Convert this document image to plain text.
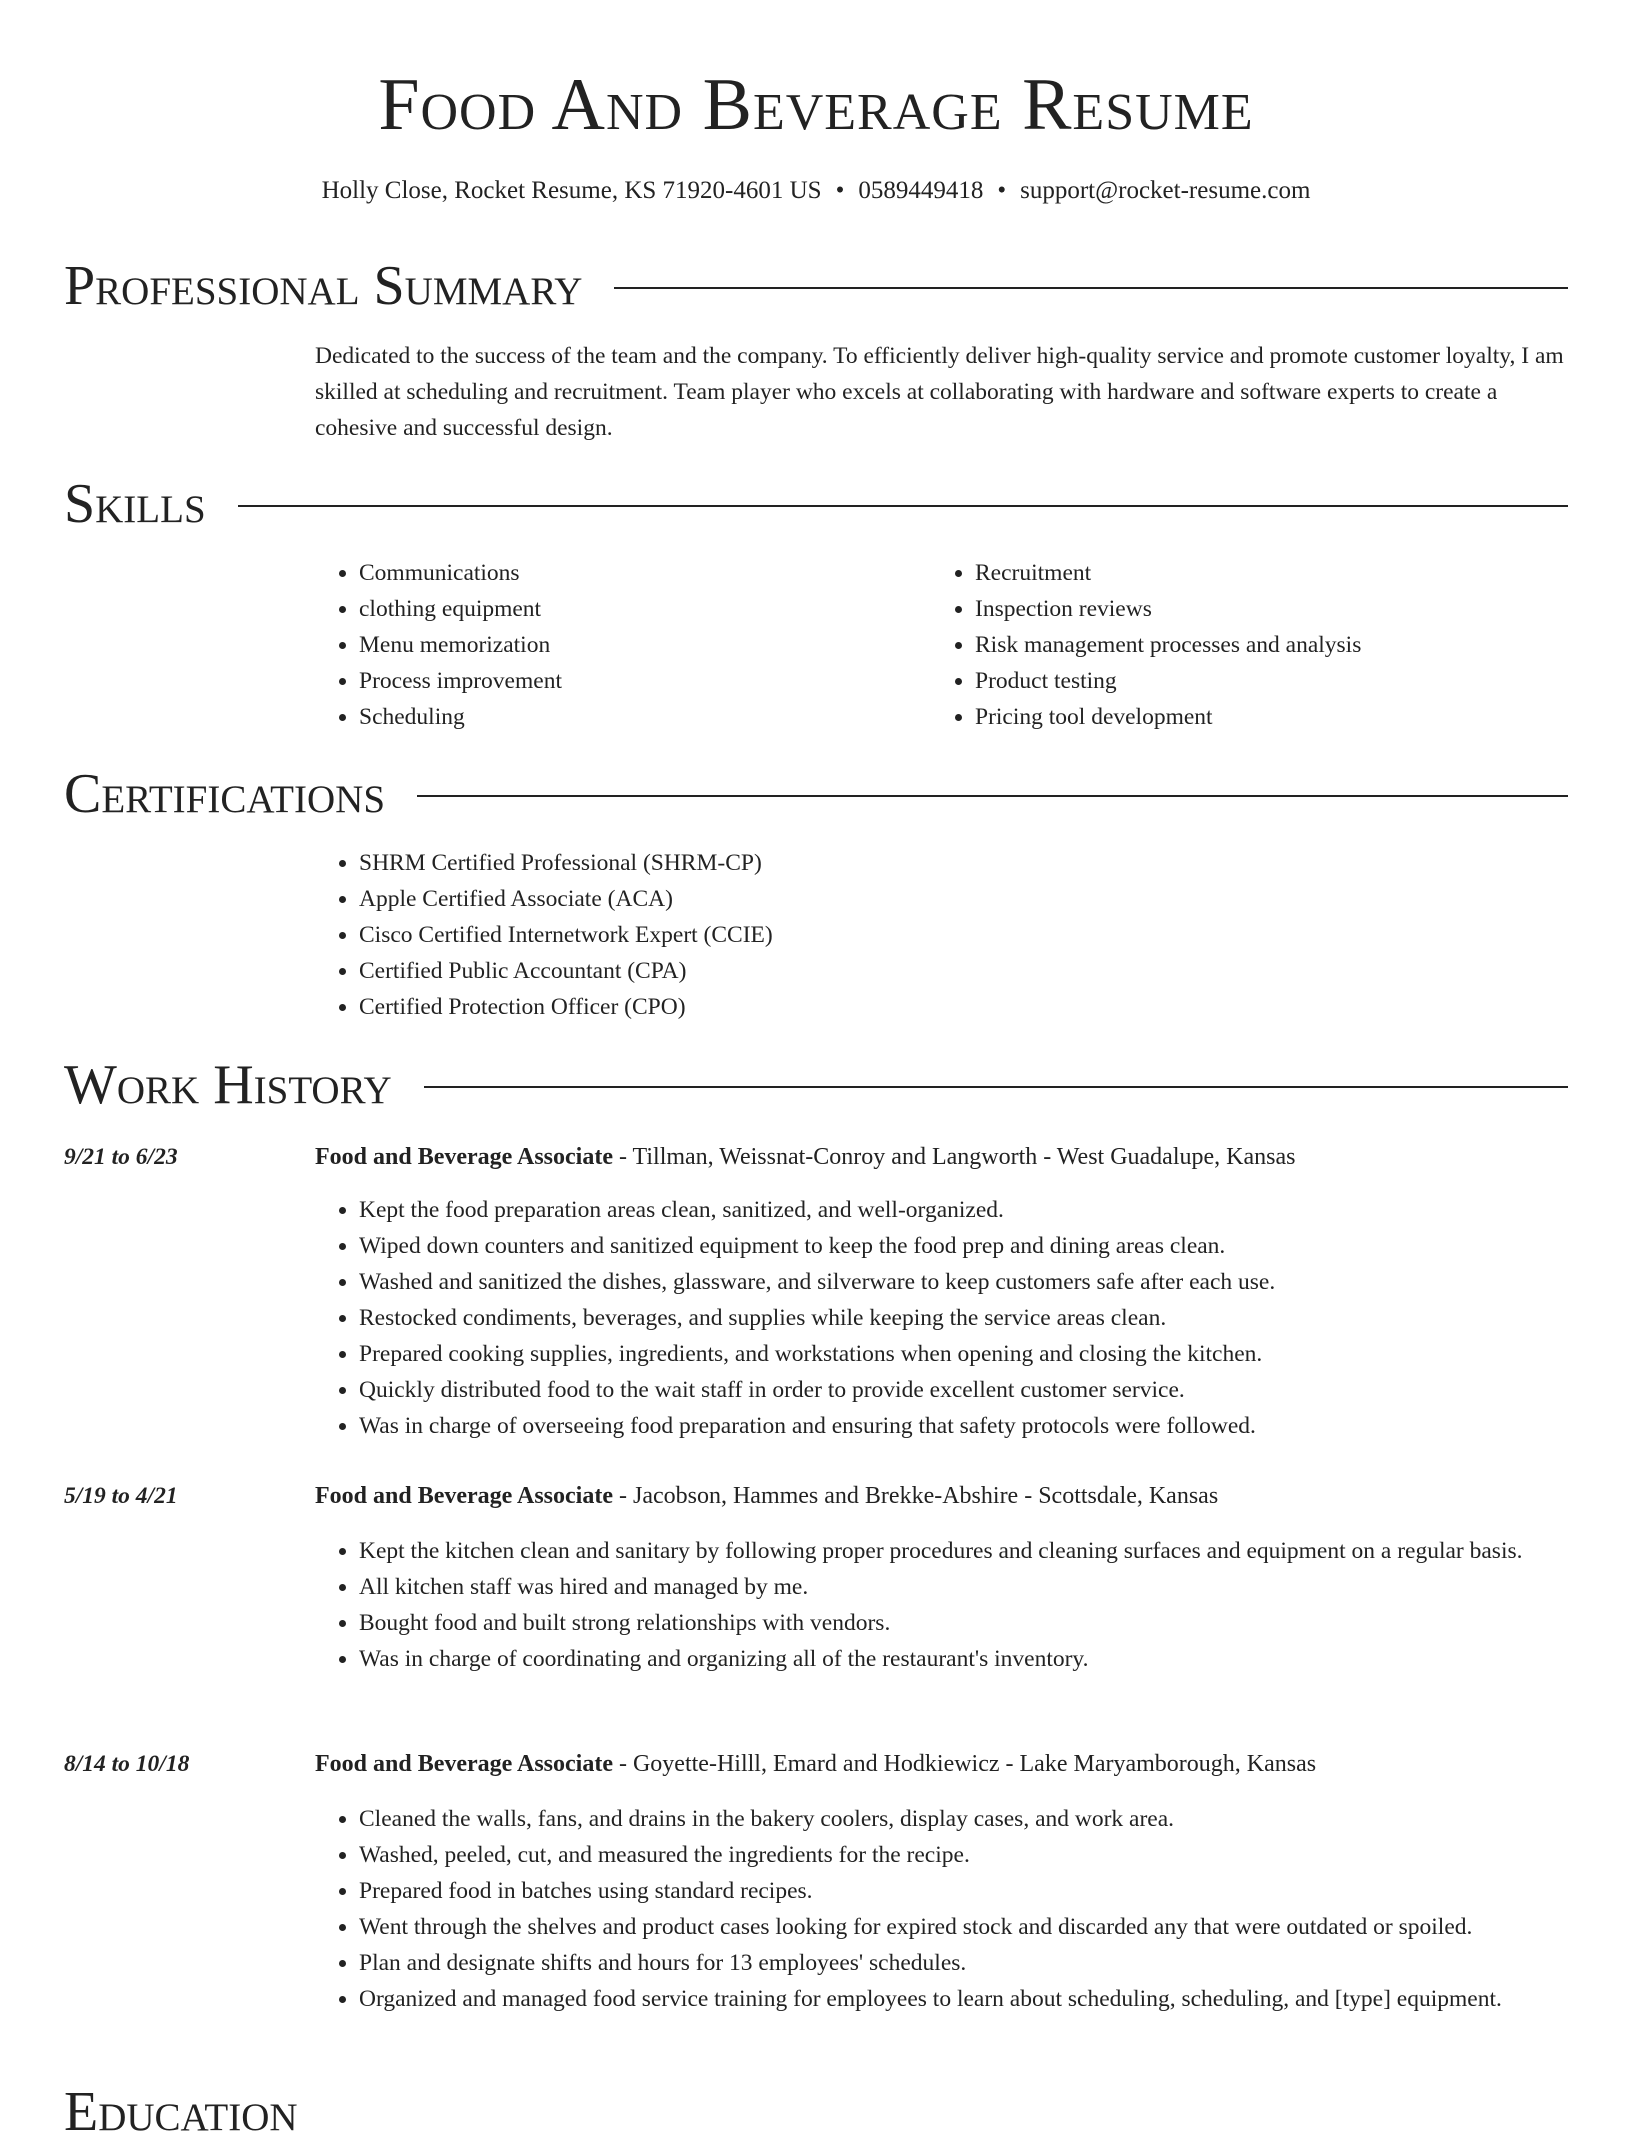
Food And Beverage Resume
Holly Close, Rocket Resume, KS 71920-4601 US • 0589449418 • support@rocket-resume.com
Professional Summary
Dedicated to the success of the team and the company. To efficiently deliver high-quality service and promote customer loyalty, I am skilled at scheduling and recruitment. Team player who excels at collaborating with hardware and software experts to create a cohesive and successful design.
Skills
• Communications
• clothing equipment
• Menu memorization
• Process improvement
• Scheduling
• Recruitment
• Inspection reviews
• Risk management processes and analysis
• Product testing
• Pricing tool development
Certifications
• SHRM Certified Professional (SHRM-CP)
• Apple Certified Associate (ACA)
• Cisco Certified Internetwork Expert (CCIE)
• Certified Public Accountant (CPA)
• Certified Protection Officer (CPO)
Work History
9/21 to 6/23	Food and Beverage Associate - Tillman, Weissnat-Conroy and Langworth - West Guadalupe, Kansas
• Kept the food preparation areas clean, sanitized, and well-organized.
• Wiped down counters and sanitized equipment to keep the food prep and dining areas clean.
• Washed and sanitized the dishes, glassware, and silverware to keep customers safe after each use.
• Restocked condiments, beverages, and supplies while keeping the service areas clean.
• Prepared cooking supplies, ingredients, and workstations when opening and closing the kitchen.
• Quickly distributed food to the wait staff in order to provide excellent customer service.
• Was in charge of overseeing food preparation and ensuring that safety protocols were followed.
5/19 to 4/21	Food and Beverage Associate - Jacobson, Hammes and Brekke-Abshire - Scottsdale, Kansas
• Kept the kitchen clean and sanitary by following proper procedures and cleaning surfaces and equipment on a regular basis.
• All kitchen staff was hired and managed by me.
• Bought food and built strong relationships with vendors.
• Was in charge of coordinating and organizing all of the restaurant's inventory.
8/14 to 10/18	Food and Beverage Associate - Goyette-Hilll, Emard and Hodkiewicz - Lake Maryamborough, Kansas
• Cleaned the walls, fans, and drains in the bakery coolers, display cases, and work area.
• Washed, peeled, cut, and measured the ingredients for the recipe.
• Prepared food in batches using standard recipes.
• Went through the shelves and product cases looking for expired stock and discarded any that were outdated or spoiled.
• Plan and designate shifts and hours for 13 employees' schedules.
• Organized and managed food service training for employees to learn about scheduling, scheduling, and [type] equipment.
Education
